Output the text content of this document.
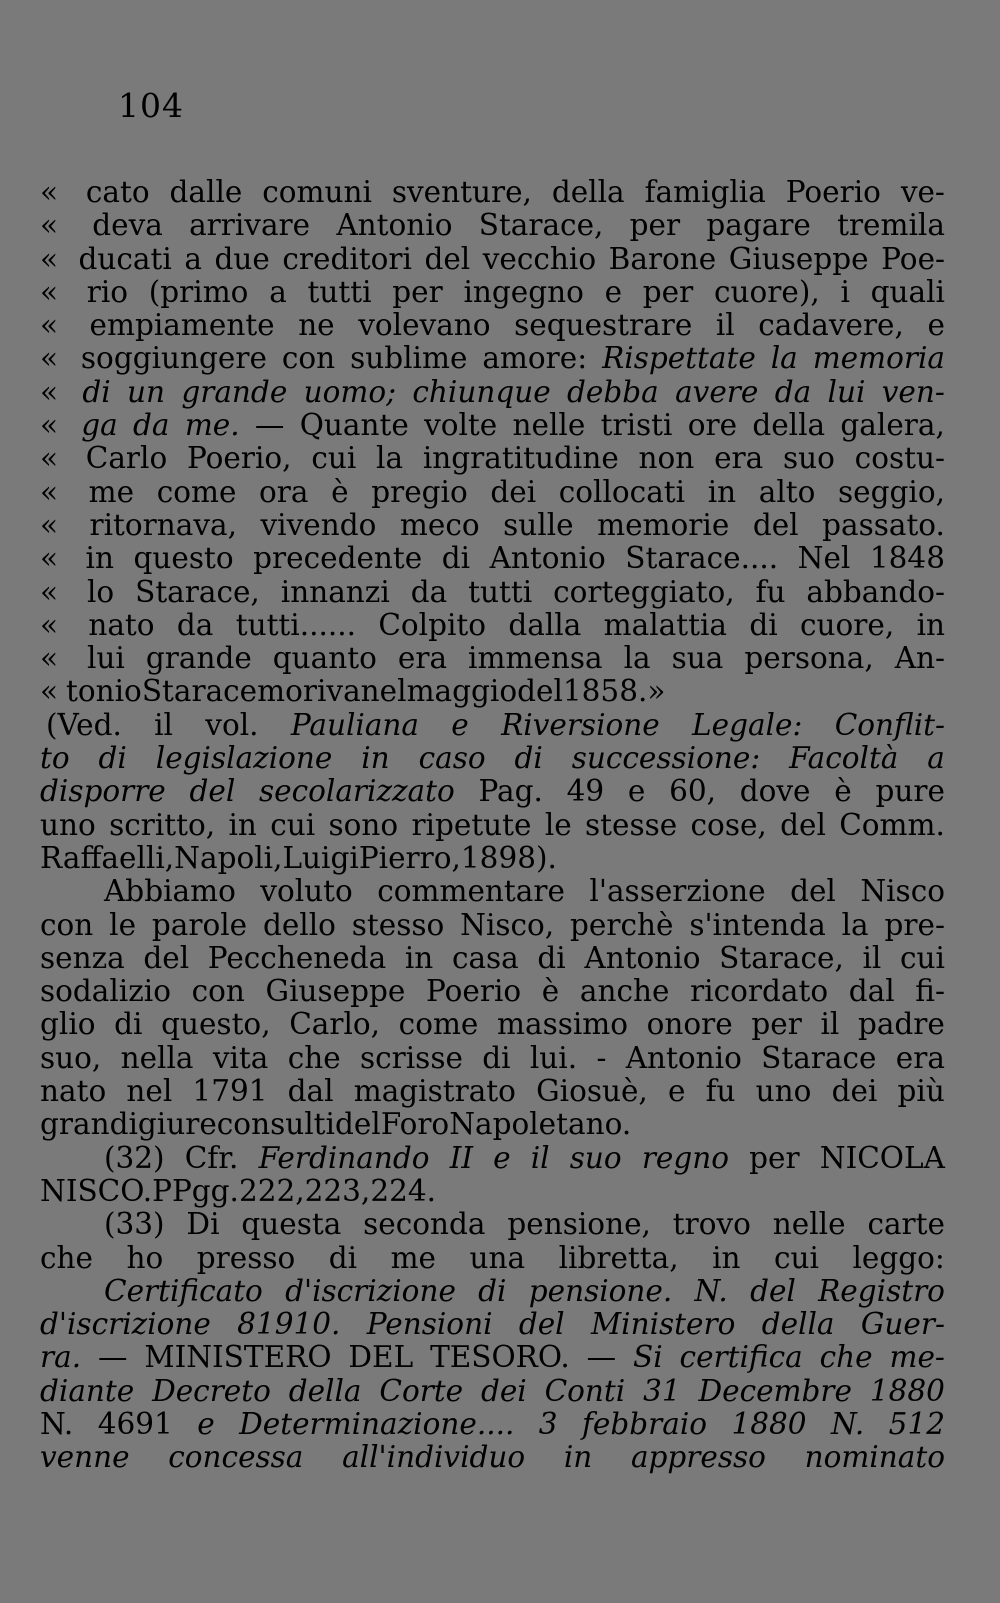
104
« cato dalle comuni sventure, della famiglia Poerio ve-
« deva arrivare Antonio Starace, per pagare tremila
« ducati a due creditori del vecchio Barone Giuseppe Poe-
« rio (primo a tutti per ingegno e per cuore), i quali
« empiamente ne volevano sequestrare il cadavere, e
« soggiungere con sublime amore: Rispettate la memoria
« di un grande uomo; chiunque debba avere da lui ven-
« ga da me. — Quante volte nelle tristi ore della galera,
« Carlo Poerio, cui la ingratitudine non era suo costu-
« me come ora è pregio dei collocati in alto seggio,
« ritornava, vivendo meco sulle memorie del passato.
« in questo precedente di Antonio Starace.... Nel 1848
« lo Starace, innanzi da tutti corteggiato, fu abbando-
« nato da tutti...... Colpito dalla malattia di cuore, in
« lui grande quanto era immensa la sua persona, An-
« tonio Starace moriva nel maggio del 1858. »
(Ved. il vol. Pauliana e Riversione Legale: Conflit-
to di legislazione in caso di successione: Facoltà a
disporre del secolarizzato Pag. 49 e 60, dove è pure
uno scritto, in cui sono ripetute le stesse cose, del Comm.
Raffaelli, Napoli, Luigi Pierro, 1898).
Abbiamo voluto commentare l'asserzione del Nisco
con le parole dello stesso Nisco, perchè s'intenda la pre-
senza del Peccheneda in casa di Antonio Starace, il cui
sodalizio con Giuseppe Poerio è anche ricordato dal fi-
glio di questo, Carlo, come massimo onore per il padre
suo, nella vita che scrisse di lui. - Antonio Starace era
nato nel 1791 dal magistrato Giosuè, e fu uno dei più
grandi giureconsulti del Foro Napoletano.
(32) Cfr. Ferdinando II e il suo regno per NICOLA
NISCO. PPgg. 222, 223, 224.
(33) Di questa seconda pensione, trovo nelle carte
che ho presso di me una libretta, in cui leggo:
Certificato d'iscrizione di pensione. N. del Registro
d'iscrizione 81910. Pensioni del Ministero della Guer-
ra. — MINISTERO DEL TESORO. — Si certifica che me-
diante Decreto della Corte dei Conti 31 Decembre 1880
N. 4691 e Determinazione.... 3 febbraio 1880 N. 512
venne concessa all'individuo in appresso nominato
